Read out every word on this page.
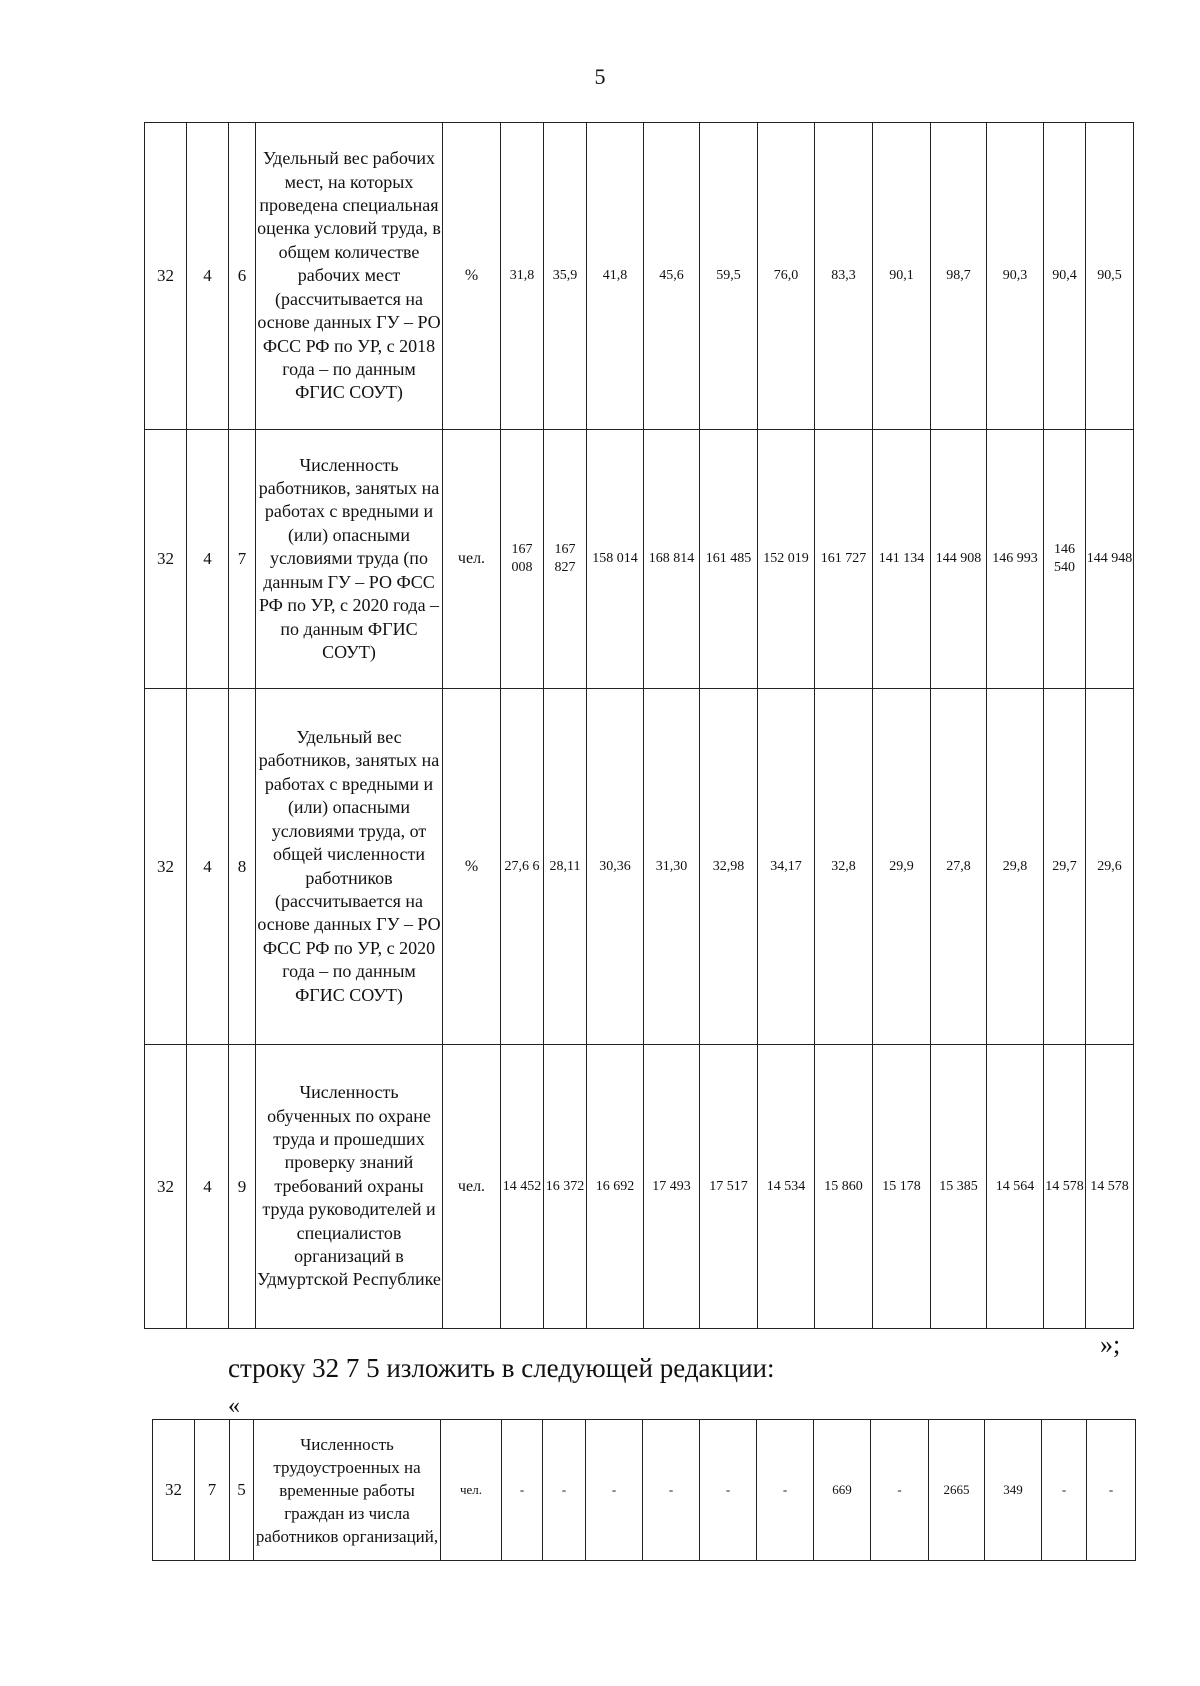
5
32	4	6	Удельный вес рабочих мест, на которых проведена специальная оценка условий труда, в общем количестве рабочих мест (рассчитывается на основе данных ГУ – РО ФСС РФ по УР, с 2018 года – по данным ФГИС СОУТ)	%	31,8	35,9	41,8	45,6	59,5	76,0	83,3	90,1	98,7	90,3	90,4	90,5
32	4	7	Численность работников, занятых на работах с вредными и (или) опасными условиями труда (по данным ГУ – РО ФСС РФ по УР, с 2020 года – по данным ФГИС СОУТ)	чел.	167 008	167 827	158 014	168 814	161 485	152 019	161 727	141 134	144 908	146 993	146 540	144 948
32	4	8	Удельный вес работников, занятых на работах с вредными и (или) опасными условиями труда, от общей численности работников (рассчитывается на основе данных ГУ – РО ФСС РФ по УР, с 2020 года – по данным ФГИС СОУТ)	%	27,6 6	28,11	30,36	31,30	32,98	34,17	32,8	29,9	27,8	29,8	29,7	29,6
32	4	9	Численность обученных по охране труда и прошедших проверку знаний требований охраны труда руководителей и специалистов организаций в Удмуртской Республике	чел.	14 452	16 372	16 692	17 493	17 517	14 534	15 860	15 178	15 385	14 564	14 578	14 578
»;
строку 32 7 5 изложить в следующей редакции:
«
32	7	5	Численность трудоустроенных на временные работы граждан из числа работников организаций,	чел.	-	-	-	-	-	-	669	-	2665	349	-	-
